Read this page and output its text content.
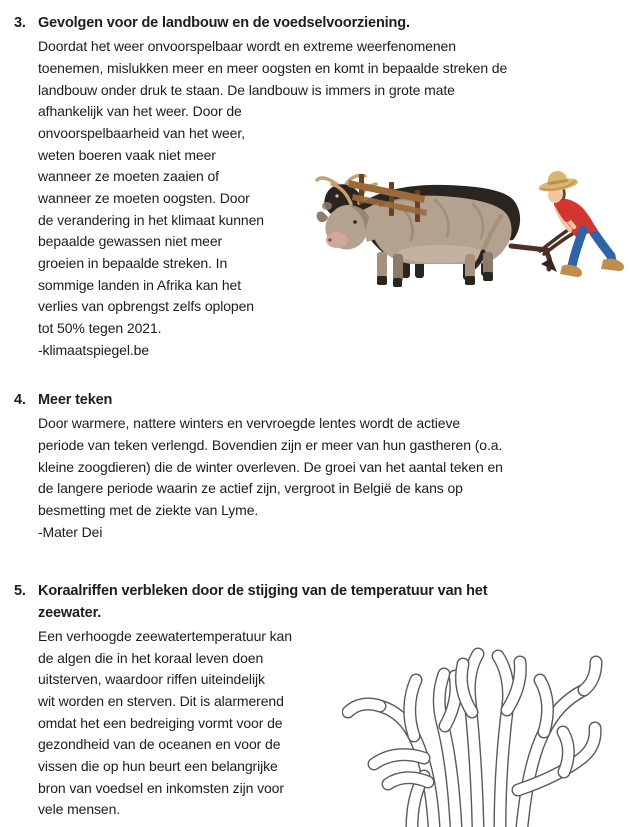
3. Gevolgen voor de landbouw en de voedselvoorziening.
Doordat het weer onvoorspelbaar wordt en extreme weerfenomenen
toenemen, mislukken meer en meer oogsten en komt in bepaalde streken de
landbouw onder druk te staan. De landbouw is immers in grote mate
afhankelijk van het weer. Door de
onvoorspelbaarheid van het weer,
weten boeren vaak niet meer
wanneer ze moeten zaaien of
wanneer ze moeten oogsten. Door
de verandering in het klimaat kunnen
bepaalde gewassen niet meer
groeien in bepaalde streken. In
sommige landen in Afrika kan het
verlies van opbrengst zelfs oplopen
tot 50% tegen 2021.
-klimaatspiegel.be
4. Meer teken
Door warmere, nattere winters en vervroegde lentes wordt de actieve
periode van teken verlengd. Bovendien zijn er meer van hun gastheren (o.a.
kleine zoogdieren) die de winter overleven. De groei van het aantal teken en
de langere periode waarin ze actief zijn, vergroot in België de kans op
besmetting met de ziekte van Lyme.
-Mater Dei
5. Koraalriffen verbleken door de stijging van de temperatuur van het
zeewater.
Een verhoogde zeewatertemperatuur kan
de algen die in het koraal leven doen
uitsterven, waardoor riffen uiteindelijk
wit worden en sterven. Dit is alarmerend
omdat het een bedreiging vormt voor de
gezondheid van de oceanen en voor de
vissen die op hun beurt een belangrijke
bron van voedsel en inkomsten zijn voor
vele mensen.
